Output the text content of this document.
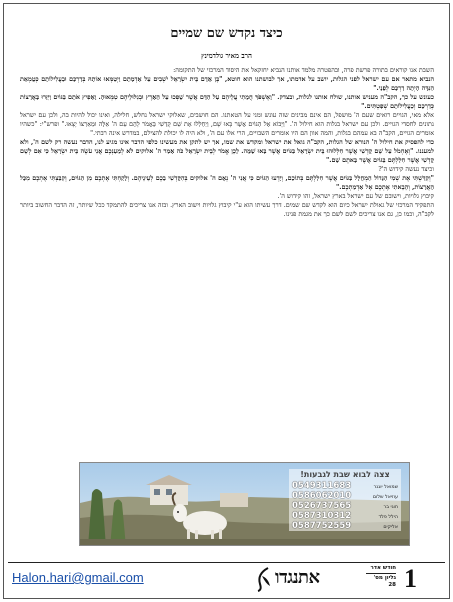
כיצד נקדש שם שמיים
הרב מאיר גולדמינץ

השבת אנו קוראים בתורה פרשת פרה, ובהפטרה מלמד אותנו הנביא יחזקאל את היסוד המרכזי של התקומה:

הנביא מתאר אם עם ישראל לפני הגלות, יושב על אדמתו, אך לבושתנו הוא חוטא, "בֶּן אָדָם בֵּית יִשְׂרָאֵל יֹשְׁבִים עַל אַדְמָתָם וַיְטַמְּאוּ אוֹתָהּ בְּדַרְכָּם וּבַעֲלִילוֹתָם כְּטֻמְאַת הַנִּדָּה הָיְתָה דַרְכָּם לְפָנָי."

כעונש על כך, הקב"ה מעניש אותנו, שולח אותנו לגלות, ובצדק. "וָאֶשְׁפֹּךְ חֲמָתִי עֲלֵיהֶם עַל הַדָּם אֲשֶׁר שָׁפְכוּ עַל הָאָרֶץ וּבְגִלּוּלֵיהֶם טִמְּאוּהָ. וָאָפִיץ אֹתָם בַּגּוֹיִם וַיִּזָּרוּ בָּאֲרָצוֹת כְּדַרְכָּם וְכַעֲלִילוֹתָם שְׁפַטְתִּים."

אלא מאי, הגויים רואים שעם ה' מושפל, הם אינם מבינים שזה עונש ומני על הטאתנו. הם חושבים, שאלוקי ישראל נחלש, חלילה, ואינו יכול להיות בה, ולכן עם ישראל נתונים לחסדי הגויים. ולכן עם ישראל בגלות הוא חילול ה'. "וַיָּבוֹא אֶל הַגּוֹיִם אֲשֶׁר בָּאוּ שָׁם, וַיְחַלְּלוּ אֶת שֵׁם קָדְשִׁי בֶּאֱמֹר לָהֶם עַם ה' אֵלֶּה וּמֵאַרְצוֹ יָצָאוּ." ופרש"י: "כשהיו אומרים הגויים, הקב"ה בא עמהם בגלות, והמה אוון הם היו אומרים השבויים, הרי אלו עם ה', ולא היה לו יכולת להצילם, במדרש אינה רבתי."

כדי להפסיק את חילול ה' הנורא של הגלות, הקב"ה גואל את ישראל ומקדש את שמו, אך יש לתקן את מעשינו כלפי הדבר אינו מגיע לנו, הדבר נעשה רק לשם ה', ולא למעננו. "וְאֶחְמֹל עַל שֵׁם קָדְשִׁי אֲשֶׁר חִלְּלוּהוּ בֵּית יִשְׂרָאֵל בַּגּוֹיִם אֲשֶׁר בָּאוּ שָׁמָּה. לָכֵן אֱמֹר לְבֵית יִשְׂרָאֵל כֹּה אָמַר ה' אלוקים לֹא לְמַעַנְכֶם אֲנִי עֹשֶׂה בֵּית יִשְׂרָאֵל כִּי אִם לְשֵׁם קָדְשִׁי אֲשֶׁר חִלַּלְתֶּם בַּגּוֹיִם אֲשֶׁר בָּאתֶם שָׁם."

וכיצד נעשה קידוש ה'?

"וְקִדַּשְׁתִּי אֶת שְׁמִי הַגָּדוֹל הַמְחֻלָּל בַּגּוֹיִם אֲשֶׁר חִלַּלְתֶּם בְּתוֹכָם, וְיָדְעוּ הַגּוֹיִם כִּי אֲנִי ה' נְאֻם ה' אלוקים בְּהִקָּדְשִׁי בָכֶם לְעֵינֵיהֶם. וְלָקַחְתִּי אֶתְכֶם מִן הַגּוֹיִם, וְקִבַּצְתִּי אֶתְכֶם מִכָּל הָאֲרָצוֹת, וְהֵבֵאתִי אֶתְכֶם אֶל אַדְמַתְכֶם."

קיבוץ גלויות, וישובם של עם ישראל בארץ ישראל, זהו קידוש ה'.

התפקיד המרכזי של גאולת ישראל כיום הוא לקדש שם שמים. דרך עשיתו הוא ע"י קיבוץ גלויות וישוב הארץ. ובזה אנו צריכים להתמקד ככל שיותר, זה הדבר החשוב ביותר לקב"ה, וכמו כן, גם אנו צריכים לשם לשם כך את מגמת פנינו.

צצה לבוא שבת לגבעות!
שמואל יוגנר
0549311683
עוזיאל שלום
0586062010
חוגי בר
0526737565
הילל פלד
0587310312
אליקים
0587752559
Halon.hari@gmail.com	אתנגדו	חודש אדר
גליון מס' 28 1
